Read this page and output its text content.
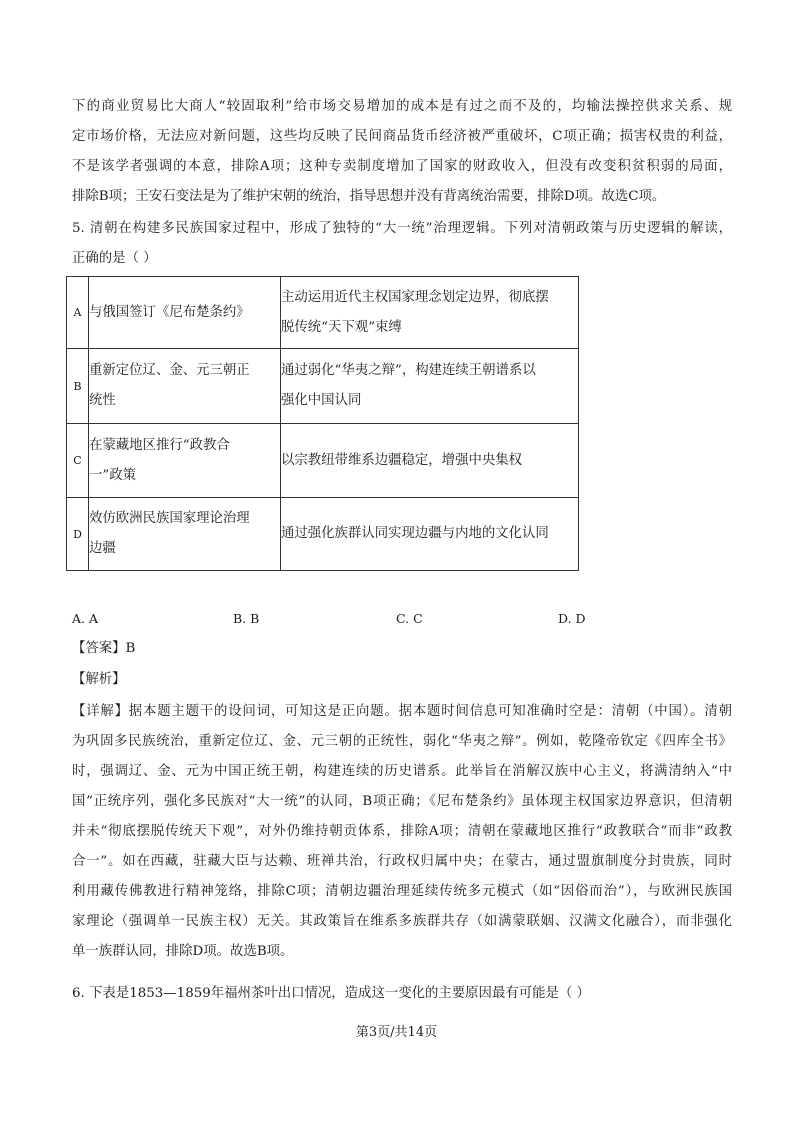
下的商业贸易比大商人“较固取利”给市场交易增加的成本是有过之而不及的，均输法操控供求关系、规
定市场价格，无法应对新问题，这些均反映了民间商品货币经济被严重破坏，C项正确；损害权贵的利益，
不是该学者强调的本意，排除A项；这种专卖制度增加了国家的财政收入，但没有改变积贫积弱的局面，
排除B项；王安石变法是为了维护宋朝的统治，指导思想并没有背离统治需要，排除D项。故选C项。
5. 清朝在构建多民族国家过程中，形成了独特的“大一统”治理逻辑。下列对清朝政策与历史逻辑的解读，
正确的是（ ）
A	与俄国签订《尼布楚条约》	主动运用近代主权国家理念划定边界，彻底摆
脱传统“天下观”束缚
B	重新定位辽、金、元三朝正
统性	通过弱化“华夷之辩”，构建连续王朝谱系以
强化中国认同
C	在蒙藏地区推行“政教合
一”政策	以宗教纽带维系边疆稳定，增强中央集权
D	效仿欧洲民族国家理论治理
边疆	通过强化族群认同实现边疆与内地的文化认同
A. A	B. B	C. C	D. D
【答案】B
【解析】
【详解】据本题主题干的设问词，可知这是正向题。据本题时间信息可知准确时空是：清朝（中国）。清朝
为巩固多民族统治，重新定位辽、金、元三朝的正统性，弱化“华夷之辩”。例如，乾隆帝钦定《四库全书》
时，强调辽、金、元为中国正统王朝，构建连续的历史谱系。此举旨在消解汉族中心主义，将满清纳入“中
国”正统序列，强化多民族对“大一统”的认同，B项正确；《尼布楚条约》虽体现主权国家边界意识，但清朝
并未“彻底摆脱传统天下观”，对外仍维持朝贡体系，排除A项；清朝在蒙藏地区推行“政教联合”而非“政教
合一”。如在西藏，驻藏大臣与达赖、班禅共治，行政权归属中央；在蒙古，通过盟旗制度分封贵族，同时
利用藏传佛教进行精神笼络，排除C项；清朝边疆治理延续传统多元模式（如“因俗而治”），与欧洲民族国
家理论（强调单一民族主权）无关。其政策旨在维系多族群共存（如满蒙联姻、汉满文化融合），而非强化
单一族群认同，排除D项。故选B项。
6. 下表是1853—1859年福州茶叶出口情况，造成这一变化的主要原因最有可能是（ ）
第3页/共14页
